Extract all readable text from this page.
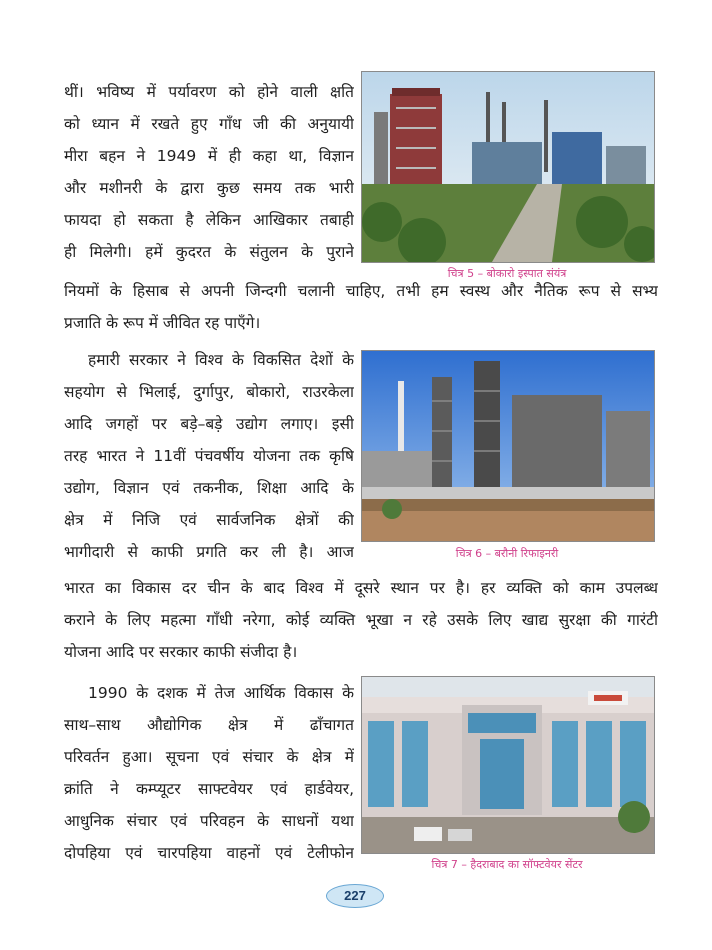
थीं। भविष्य में पर्यावरण को होने वाली क्षति
को ध्यान में रखते हुए गाँध जी की अनुयायी
मीरा बहन ने 1949 में ही कहा था, विज्ञान
और मशीनरी के द्वारा कुछ समय तक भारी
फायदा हो सकता है लेकिन आखिकार तबाही
ही मिलेगी। हमें कुदरत के संतुलन के पुराने
नियमों के हिसाब से अपनी जिन्दगी चलानी चाहिए, तभी हम स्वस्थ और नैतिक रूप से सभ्य
प्रजाति के रूप में जीवित रह पाएँगे।
चित्र 5 – बोकारो इस्पात संयंत्र
हमारी सरकार ने विश्व के विकसित देशों के
सहयोग से भिलाई, दुर्गापुर, बोकारो, राउरकेला
आदि जगहों पर बड़े–बड़े उद्योग लगाए। इसी
तरह भारत ने 11वीं पंचवर्षीय योजना तक कृषि
उद्योग, विज्ञान एवं तकनीक, शिक्षा आदि के
क्षेत्र में निजि एवं सार्वजनिक क्षेत्रों की
भागीदारी से काफी प्रगति कर ली है। आज
भारत का विकास दर चीन के बाद विश्व में दूसरे स्थान पर है। हर व्यक्ति को काम उपलब्ध
कराने के लिए महत्मा गाँधी नरेगा, कोई व्यक्ति भूखा न रहे उसके लिए खाद्य सुरक्षा की गारंटी
योजना आदि पर सरकार काफी संजीदा है।
चित्र 6 – बरौनी रिफाइनरी
1990 के दशक में तेज आर्थिक विकास के
साथ–साथ औद्योगिक क्षेत्र में ढाँचागत
परिवर्तन हुआ। सूचना एवं संचार के क्षेत्र में
क्रांति ने कम्प्यूटर साफ्टवेयर एवं हार्डवेयर,
आधुनिक संचार एवं परिवहन के साधनों यथा
दोपहिया एवं चारपहिया वाहनों एवं टेलीफोन
चित्र 7 – हैदराबाद का सॉफ्टवेयर सेंटर
227
